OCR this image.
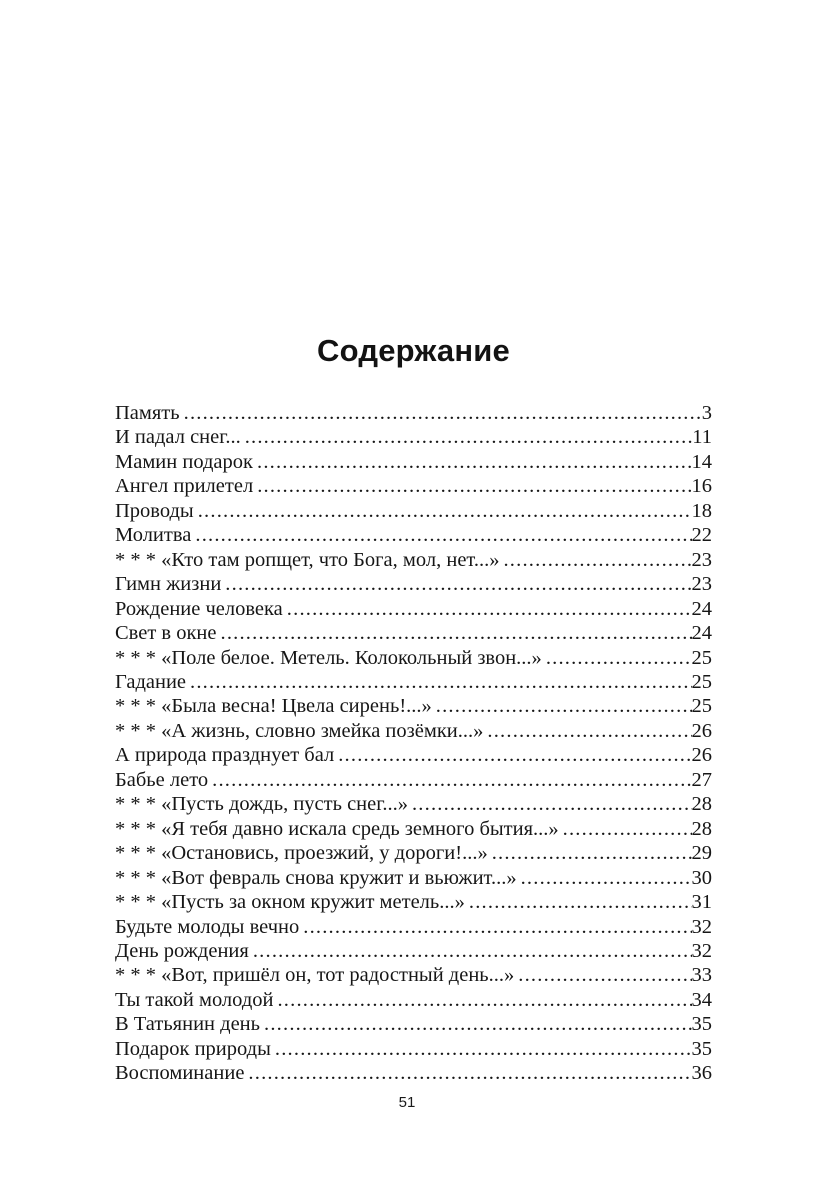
Содержание
Память .....	3
И падал снег... .....	11
Мамин подарок .....	14
Ангел прилетел .....	16
Проводы .....	18
Молитва .....	22
* * * «Кто там ропщет, что Бога, мол, нет...» .....	23
Гимн жизни .....	23
Рождение человека .....	24
Свет в окне .....	24
* * * «Поле белое. Метель. Колокольный звон...» .....	25
Гадание .....	25
* * * «Была весна! Цвела сирень!...» .....	25
* * * «А жизнь, словно змейка позёмки...» .....	26
А природа празднует бал .....	26
Бабье лето .....	27
* * * «Пусть дождь, пусть снег...» .....	28
* * * «Я тебя давно искала средь земного бытия...» .....	28
* * * «Остановись, проезжий, у дороги!...» .....	29
* * * «Вот февраль снова кружит и вьюжит...» .....	30
* * * «Пусть за окном кружит метель...» .....	31
Будьте молоды вечно .....	32
День рождения .....	32
* * * «Вот, пришёл он, тот радостный день...» .....	33
Ты такой молодой .....	34
В Татьянин день .....	35
Подарок природы .....	35
Воспоминание .....	36
51
